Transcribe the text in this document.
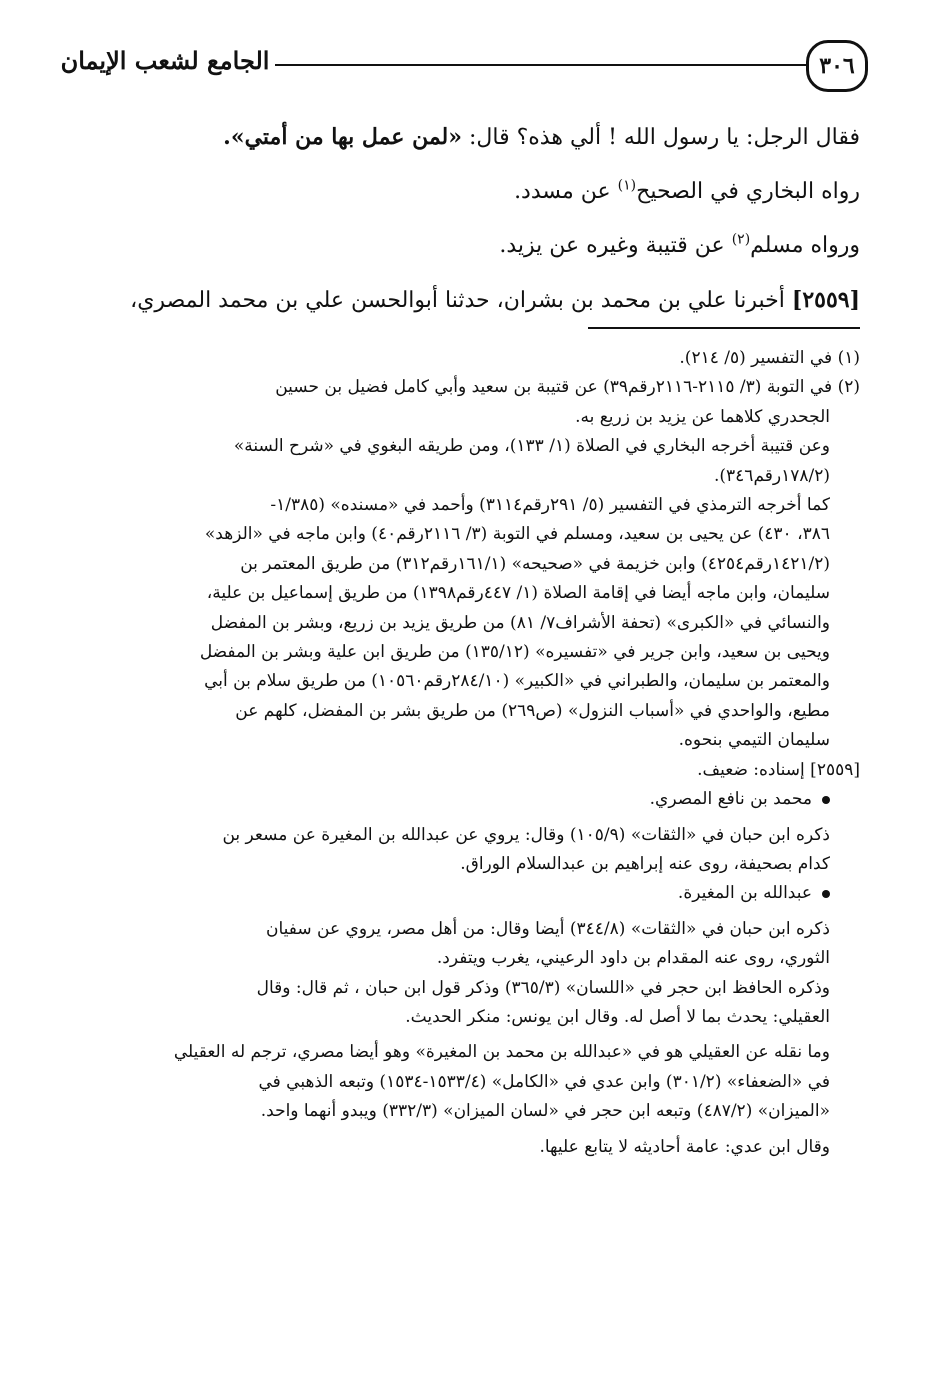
٣٠٦
الجامع لشعب الإيمان

فقال الرجل: يا رسول الله ! ألي هذه؟ قال: «لمن عمل بها من أمتي».

رواه البخاري في الصحيح$^{(١)}$ عن مسدد.

ورواه مسلم$^{(٢)}$ عن قتيبة وغيره عن يزيد.

[٢٥٥٩] أخبرنا علي بن محمد بن بشران، حدثنا أبوالحسن علي بن محمد المصري،

(١) في التفسير (٥/ ٢١٤).

(٢) في التوبة (٣/ ٢١١٥-٢١١٦رقم٣٩) عن قتيبة بن سعيد وأبي كامل فضيل بن حسين

الجحدري كلاهما عن يزيد بن زريع به.

وعن قتيبة أخرجه البخاري في الصلاة (١/ ١٣٣)، ومن طريقه البغوي في «شرح السنة»

(١٧٨/٢رقم٣٤٦).

كما أخرجه الترمذي في التفسير (٥/ ٢٩١رقم٣١١٤) وأحمد في «مسنده» (١/٣٨٥-

٣٨٦، ٤٣٠) عن يحيى بن سعيد، ومسلم في التوبة (٣/ ٢١١٦رقم٤٠) وابن ماجه في «الزهد»

(١٤٢١/٢رقم٤٢٥٤) وابن خزيمة في «صحيحه» (١٦١/١رقم٣١٢) من طريق المعتمر بن

سليمان، وابن ماجه أيضا في إقامة الصلاة (١/ ٤٤٧رقم١٣٩٨) من طريق إسماعيل بن علية،

والنسائي في «الكبرى» (تحفة الأشراف٧/ ٨١) من طريق يزيد بن زريع، وبشر بن المفضل

ويحيى بن سعيد، وابن جرير في «تفسيره» (١٣٥/١٢) من طريق ابن علية وبشر بن المفضل

والمعتمر بن سليمان، والطبراني في «الكبير» (٢٨٤/١٠رقم١٠٥٦٠) من طريق سلام بن أبي

مطيع، والواحدي في «أسباب النزول» (ص٢٦٩) من طريق بشر بن المفضل، كلهم عن

سليمان التيمي بنحوه.

[٢٥٥٩] إسناده: ضعيف.

محمد بن نافع المصري.

ذكره ابن حبان في «الثقات» (١٠٥/٩) وقال: يروي عن عبدالله بن المغيرة عن مسعر بن

كدام بصحيفة، روى عنه إبراهيم بن عبدالسلام الوراق.

عبدالله بن المغيرة.

ذكره ابن حبان في «الثقات» (٣٤٤/٨) أيضا وقال: من أهل مصر، يروي عن سفيان

الثوري، روى عنه المقدام بن داود الرعيني، يغرب ويتفرد.

وذكره الحافظ ابن حجر في «اللسان» (٣٦٥/٣) وذكر قول ابن حبان ، ثم قال: وقال

العقيلي: يحدث بما لا أصل له. وقال ابن يونس: منكر الحديث.

وما نقله عن العقيلي هو في «عبدالله بن محمد بن المغيرة» وهو أيضا مصري، ترجم له العقيلي

في «الضعفاء» (٣٠١/٢) وابن عدي في «الكامل» (١٥٣٣/٤-١٥٣٤) وتبعه الذهبي في

«الميزان» (٤٨٧/٢) وتبعه ابن حجر في «لسان الميزان» (٣٣٢/٣) ويبدو أنهما واحد.

وقال ابن عدي: عامة أحاديثه لا يتابع عليها.
